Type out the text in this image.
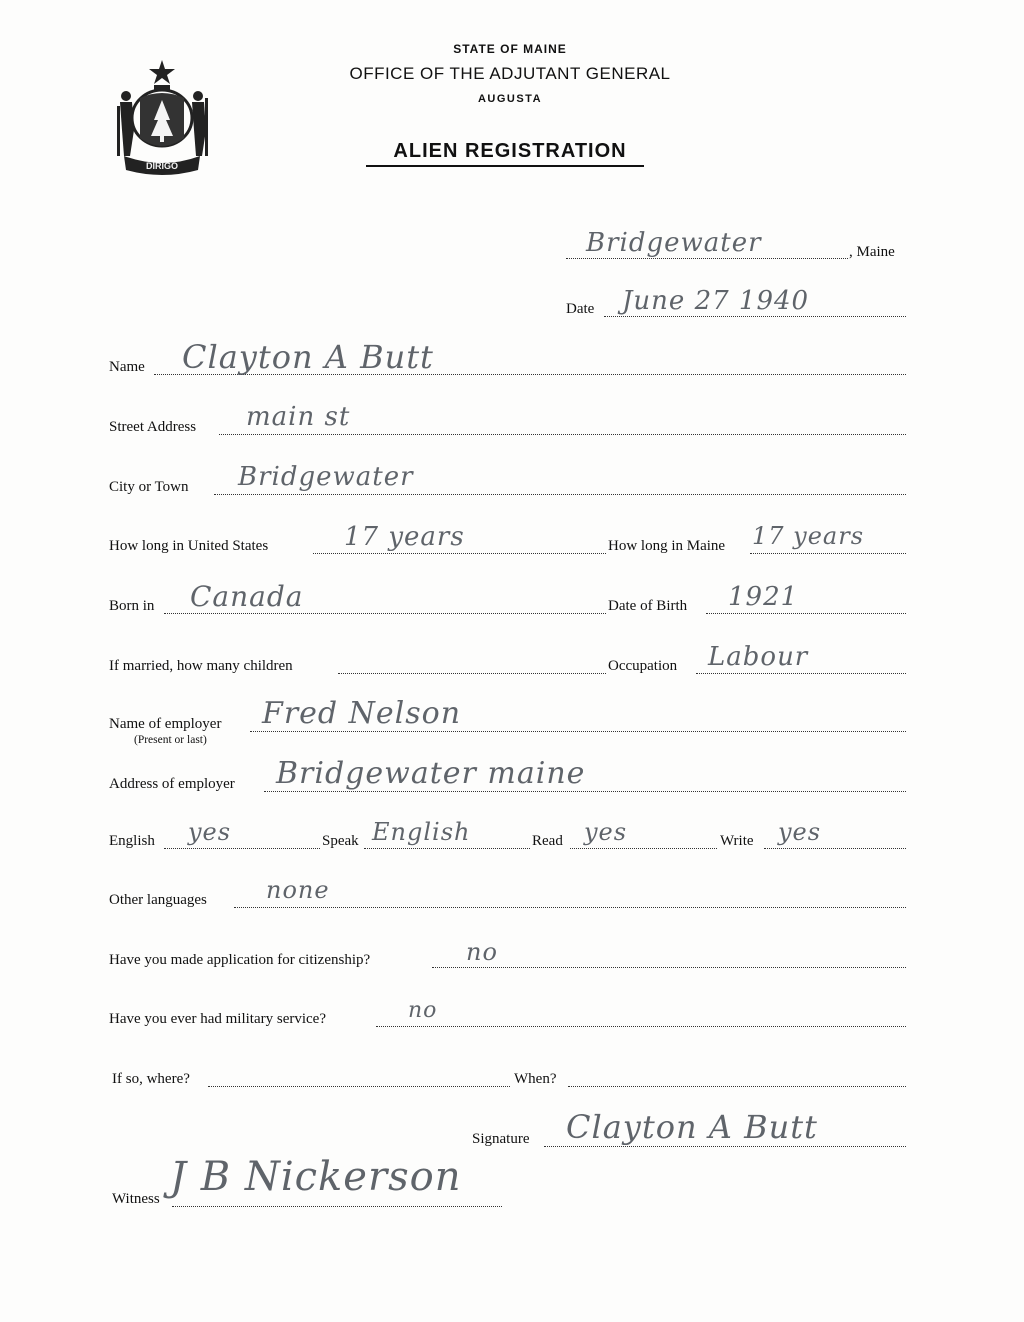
DIRIGO
STATE OF MAINE
OFFICE OF THE ADJUTANT GENERAL
AUGUSTA
ALIEN REGISTRATION
Bridgewater	, Maine
Date June 27 1940
Name Clayton A Butt
Street Address main st
City or Town Bridgewater
How long in United States	17 years	How long in Maine 17 years
Born in Canada	Date of Birth 1921
If married, how many children	Occupation Labour
Name of employer
(Present or last)
Fred Nelson
Address of employer Bridgewater maine
English yes	Speak English	Read yes	Write yes
Other languages none
Have you made application for citizenship?	no
Have you ever had military service?	no
If so, where?	When?
Signature Clayton A Butt
Witness J B Nickerson
